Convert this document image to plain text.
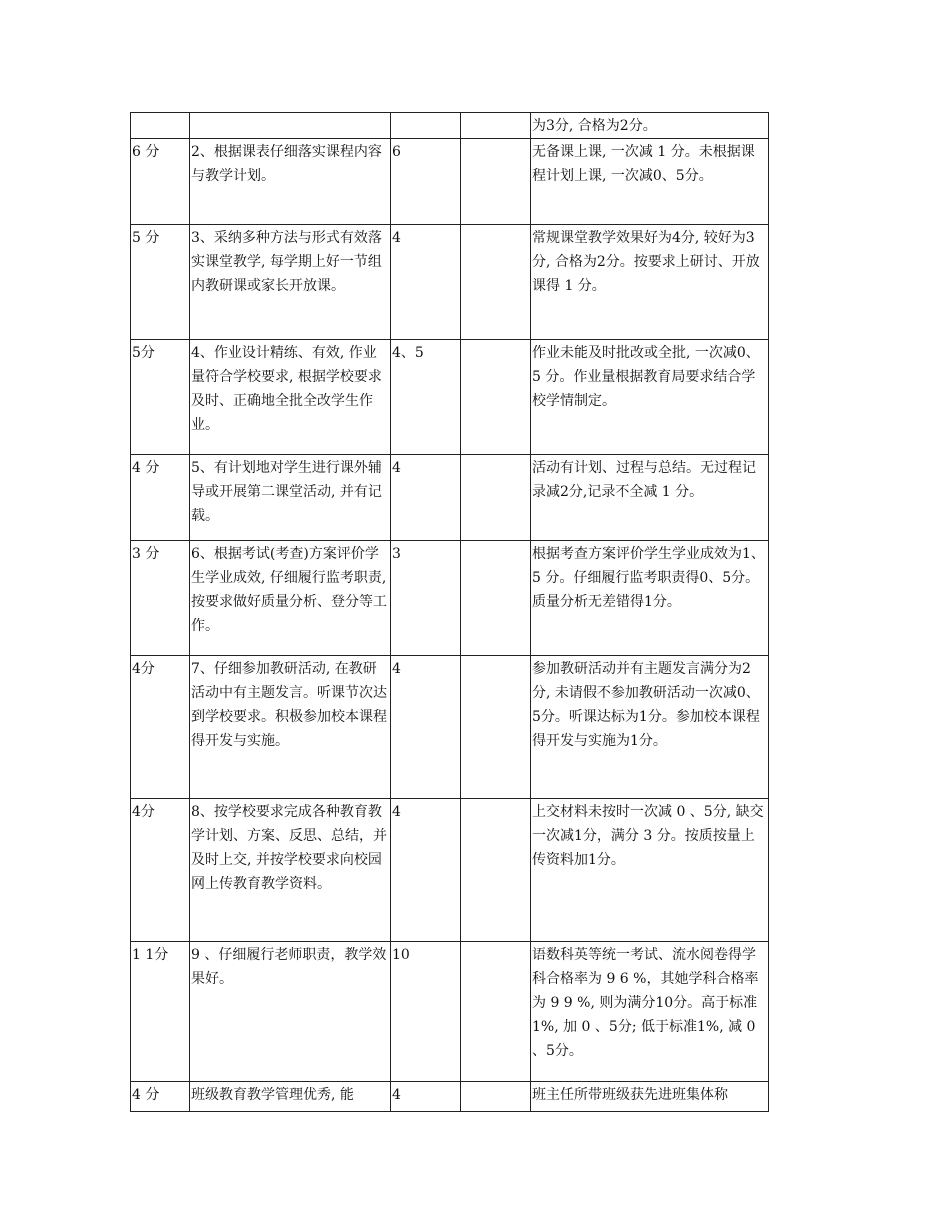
				为3分, 合格为2分。
6 分	2、根据课表仔细落实课程内容与教学计划。	6		无备课上课, 一次减 1 分。未根据课程计划上课, 一次减0、5分。
5 分	3、采纳多种方法与形式有效落实课堂教学, 每学期上好一节组内教研课或家长开放课。	4		常规课堂教学效果好为4分, 较好为3分, 合格为2分。按要求上研讨、开放课得 1 分。
5分	4、作业设计精练、有效, 作业量符合学校要求, 根据学校要求及时、正确地全批全改学生作业。	4、5		作业未能及时批改或全批, 一次减0、5 分。作业量根据教育局要求结合学校学情制定。
4 分	5、有计划地对学生进行课外辅导或开展第二课堂活动, 并有记载。	4		活动有计划、过程与总结。无过程记录减2分,记录不全减 1 分。
3 分	6、根据考试(考查)方案评价学生学业成效, 仔细履行监考职责, 按要求做好质量分析、登分等工作。	3		根据考查方案评价学生学业成效为1、 5 分。仔细履行监考职责得0、5分。质量分析无差错得1分。
4分	7、仔细参加教研活动, 在教研活动中有主题发言。听课节次达到学校要求。积极参加校本课程得开发与实施。	4		参加教研活动并有主题发言满分为2分, 未请假不参加教研活动一次减0、5分。听课达标为1分。参加校本课程得开发与实施为1分。
4分	8、按学校要求完成各种教育教学计划、方案、反思、总结，并及时上交, 并按学校要求向校园网上传教育教学资料。	4		上交材料未按时一次减 0 、5分, 缺交一次减1分，满分 3 分。按质按量上传资料加1分。
1 1分	9 、仔细履行老师职责，教学效果好。	10		语数科英等统一考试、流水阅卷得学科合格率为 9 6 %，其她学科合格率为 9 9 %, 则为满分10分。高于标准1%, 加 0 、5分; 低于标准1%, 减 0 、5分。
4 分	班级教育教学管理优秀, 能	4		班主任所带班级获先进班集体称
